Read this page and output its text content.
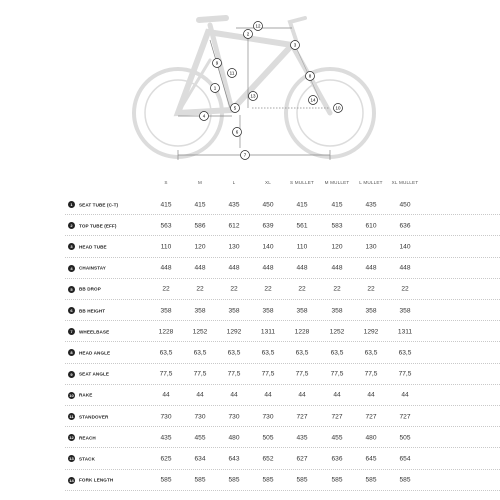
12
2
3
9
11
8
1
13
14
10
5
4
6
7
S	M	L	XL	S MULLET	M MULLET	L MULLET	XL MULLET
1	SEAT TUBE (C-T)	415	415	435	450	415	415	435	450
2	TOP TUBE (EFF)	563	586	612	639	561	583	610	636
3	HEAD TUBE	110	120	130	140	110	120	130	140
4	CHAINSTAY	448	448	448	448	448	448	448	448
5	BB DROP	22	22	22	22	22	22	22	22
6	BB HEIGHT	358	358	358	358	358	358	358	358
7	WHEELBASE	1228	1252	1292	1311	1228	1252	1292	1311
8	HEAD ANGLE	63,5	63,5	63,5	63,5	63,5	63,5	63,5	63,5
9	SEAT ANGLE	77,5	77,5	77,5	77,5	77,5	77,5	77,5	77,5
10 RAKE	44	44	44	44	44	44	44	44
11	STANDOVER	730	730	730	730	727	727	727	727
12 REACH	435	455	480	505	435	455	480	505
13 STACK	625	634	643	652	627	636	645	654
14 FORK LENGTH	585	585	585	585	585	585	585	585
